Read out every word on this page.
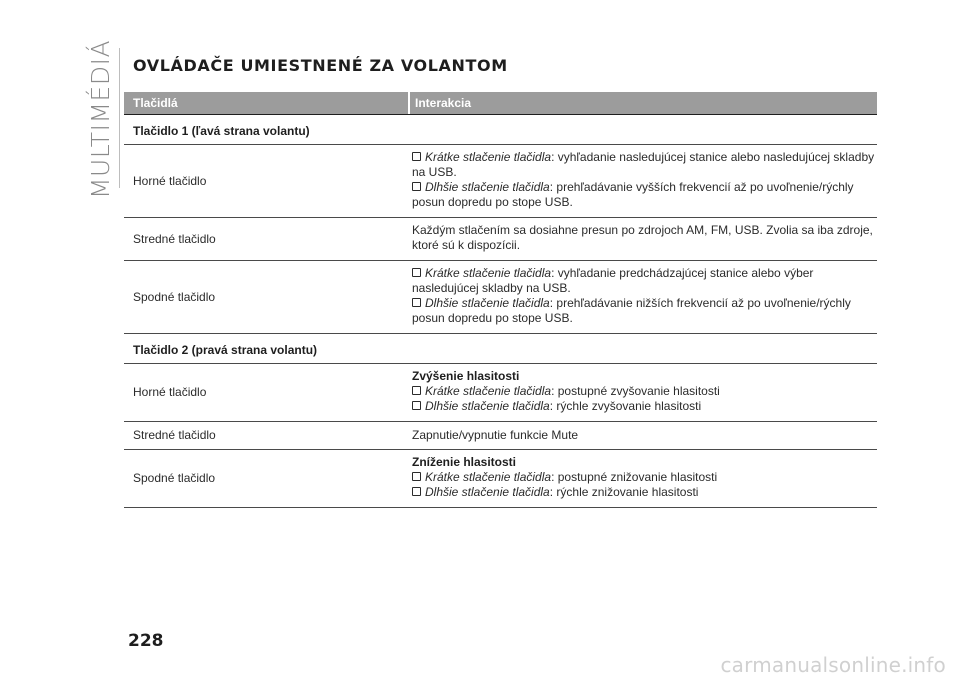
MULTIMÉDIÁ OVLÁDAČE UMIESTNENÉ ZA VOLANTOM
Tlačidlá	Interakcia
Tlačidlo 1 (ľavá strana volantu)
Horné tlačidlo
Krátke stlačenie tlačidla: vyhľadanie nasledujúcej stanice alebo nasledujúcej skladby na USB.
Dlhšie stlačenie tlačidla: prehľadávanie vyšších frekvencií až po uvoľnenie/rýchly posun dopredu po stope USB.
Stredné tlačidlo
Každým stlačením sa dosiahne presun po zdrojoch AM, FM, USB. Zvolia sa iba zdroje, ktoré sú k dispozícii.
Spodné tlačidlo
Krátke stlačenie tlačidla: vyhľadanie predchádzajúcej stanice alebo výber nasledujúcej skladby na USB.
Dlhšie stlačenie tlačidla: prehľadávanie nižších frekvencií až po uvoľnenie/rýchly posun dopredu po stope USB.
Tlačidlo 2 (pravá strana volantu)
Horné tlačidlo
Zvýšenie hlasitosti
Krátke stlačenie tlačidla: postupné zvyšovanie hlasitosti
Dlhšie stlačenie tlačidla: rýchle zvyšovanie hlasitosti
Stredné tlačidlo	Zapnutie/vypnutie funkcie Mute
Spodné tlačidlo
Zníženie hlasitosti
Krátke stlačenie tlačidla: postupné znižovanie hlasitosti
Dlhšie stlačenie tlačidla: rýchle znižovanie hlasitosti
228
carmanualsonline.info
